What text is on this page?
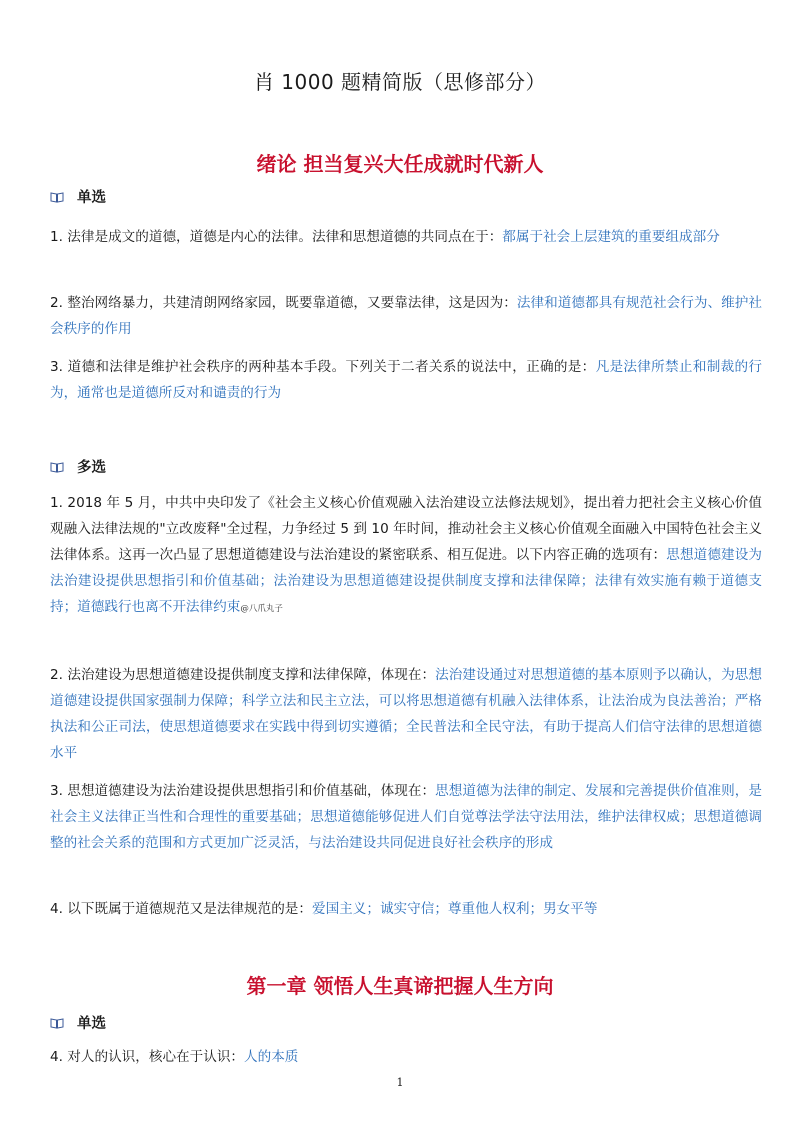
肖 1000 题精简版（思修部分）
绪论 担当复兴大任成就时代新人
单选
1. 法律是成文的道德，道德是内心的法律。法律和思想道德的共同点在于：都属于社会上层建筑的重要组成部分
2. 整治网络暴力，共建清朗网络家园，既要靠道德，又要靠法律，这是因为：法律和道德都具有规范社会行为、维护社会秩序的作用
3. 道德和法律是维护社会秩序的两种基本手段。下列关于二者关系的说法中，正确的是：凡是法律所禁止和制裁的行为，通常也是道德所反对和谴责的行为
多选
1. 2018 年 5 月，中共中央印发了《社会主义核心价值观融入法治建设立法修法规划》，提出着力把社会主义核心价值观融入法律法规的"立改废释"全过程，力争经过 5 到 10 年时间，推动社会主义核心价值观全面融入中国特色社会主义法律体系。这再一次凸显了思想道德建设与法治建设的紧密联系、相互促进。以下内容正确的选项有：思想道德建设为法治建设提供思想指引和价值基础；法治建设为思想道德建设提供制度支撑和法律保障；法律有效实施有赖于道德支持；道德践行也离不开法律约束@八爪丸子
2. 法治建设为思想道德建设提供制度支撑和法律保障，体现在：法治建设通过对思想道德的基本原则予以确认，为思想道德建设提供国家强制力保障；科学立法和民主立法，可以将思想道德有机融入法律体系，让法治成为良法善治；严格执法和公正司法，使思想道德要求在实践中得到切实遵循；全民普法和全民守法，有助于提高人们信守法律的思想道德水平
3. 思想道德建设为法治建设提供思想指引和价值基础，体现在：思想道德为法律的制定、发展和完善提供价值准则，是社会主义法律正当性和合理性的重要基础；思想道德能够促进人们自觉尊法学法守法用法，维护法律权威；思想道德调整的社会关系的范围和方式更加广泛灵活，与法治建设共同促进良好社会秩序的形成
4. 以下既属于道德规范又是法律规范的是：爱国主义；诚实守信；尊重他人权利；男女平等
第一章 领悟人生真谛把握人生方向
单选
4. 对人的认识，核心在于认识：人的本质
1
